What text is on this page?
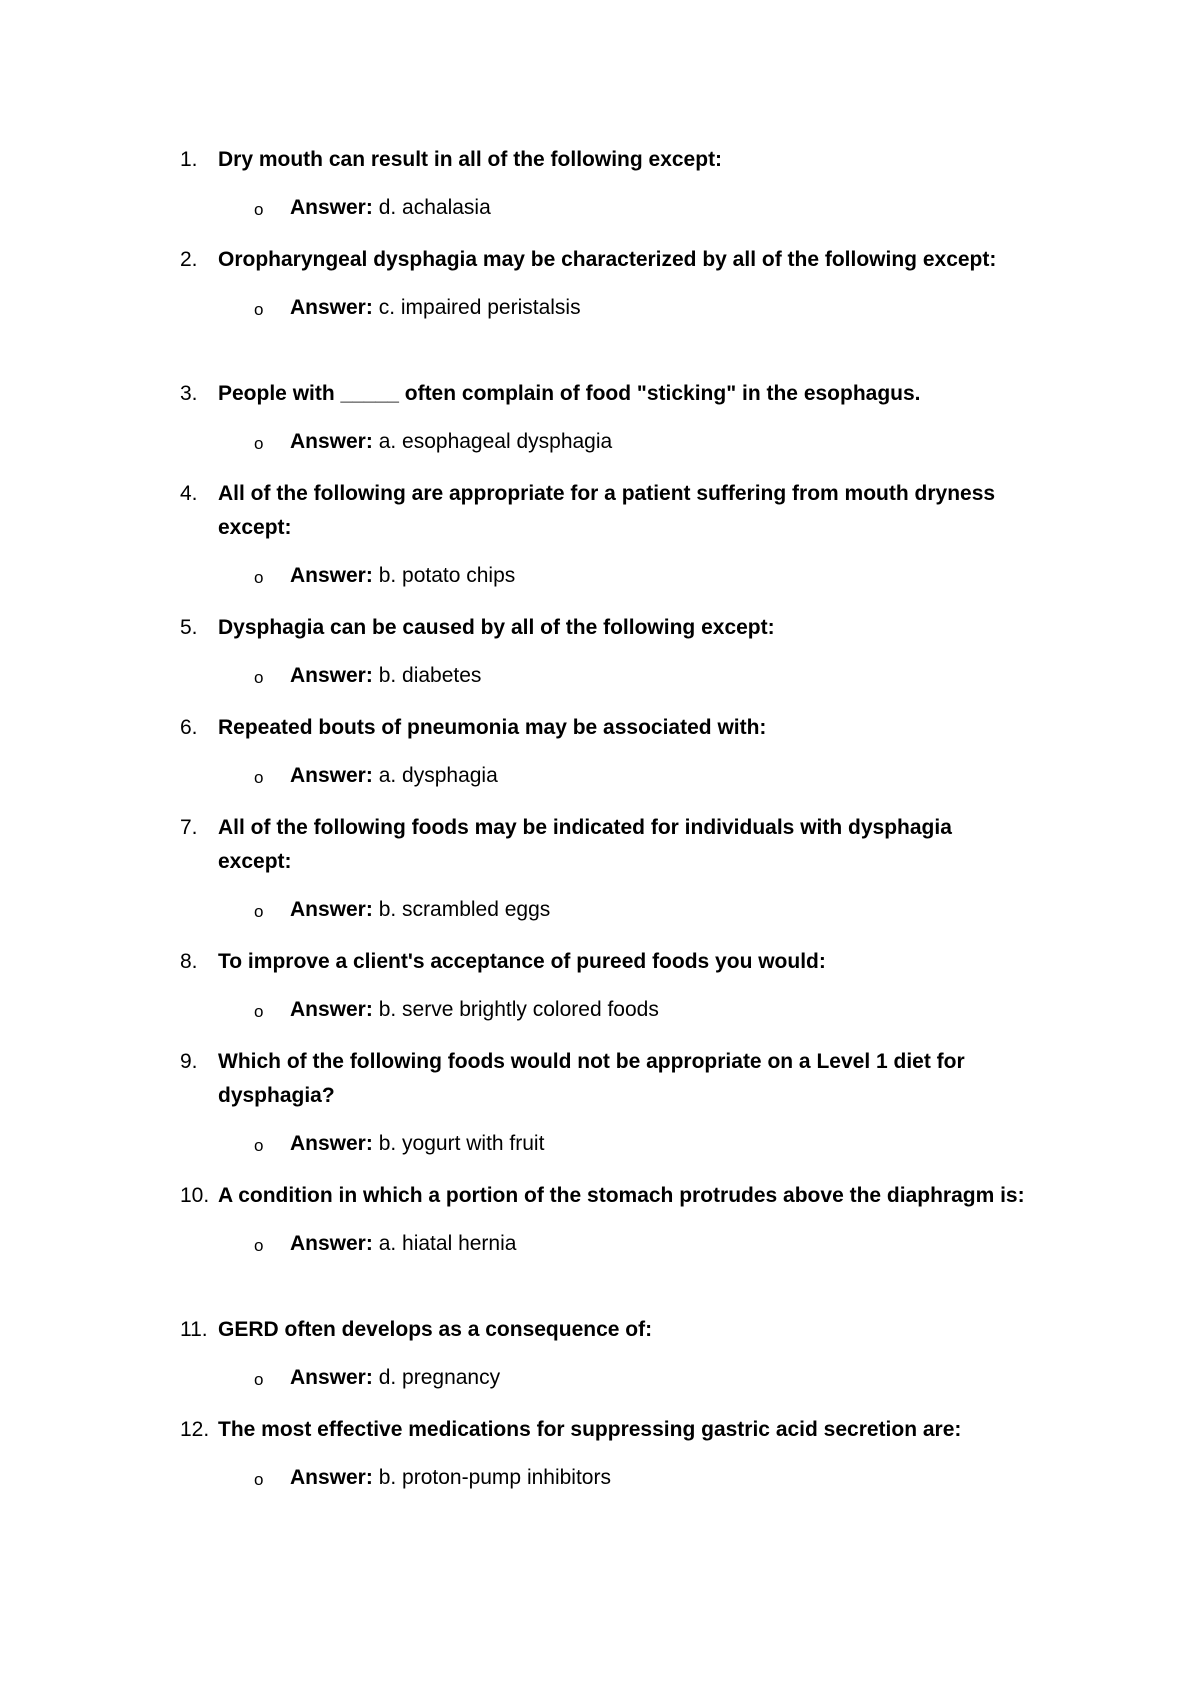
1. Dry mouth can result in all of the following except:
o Answer: d. achalasia
2. Oropharyngeal dysphagia may be characterized by all of the following except:
o Answer: c. impaired peristalsis
3. People with _____ often complain of food "sticking" in the esophagus.
o Answer: a. esophageal dysphagia
4. All of the following are appropriate for a patient suffering from mouth dryness except:
o Answer: b. potato chips
5. Dysphagia can be caused by all of the following except:
o Answer: b. diabetes
6. Repeated bouts of pneumonia may be associated with:
o Answer: a. dysphagia
7. All of the following foods may be indicated for individuals with dysphagia except:
o Answer: b. scrambled eggs
8. To improve a client's acceptance of pureed foods you would:
o Answer: b. serve brightly colored foods
9. Which of the following foods would not be appropriate on a Level 1 diet for dysphagia?
o Answer: b. yogurt with fruit
10. A condition in which a portion of the stomach protrudes above the diaphragm is:
o Answer: a. hiatal hernia
11. GERD often develops as a consequence of:
o Answer: d. pregnancy
12. The most effective medications for suppressing gastric acid secretion are:
o Answer: b. proton-pump inhibitors
